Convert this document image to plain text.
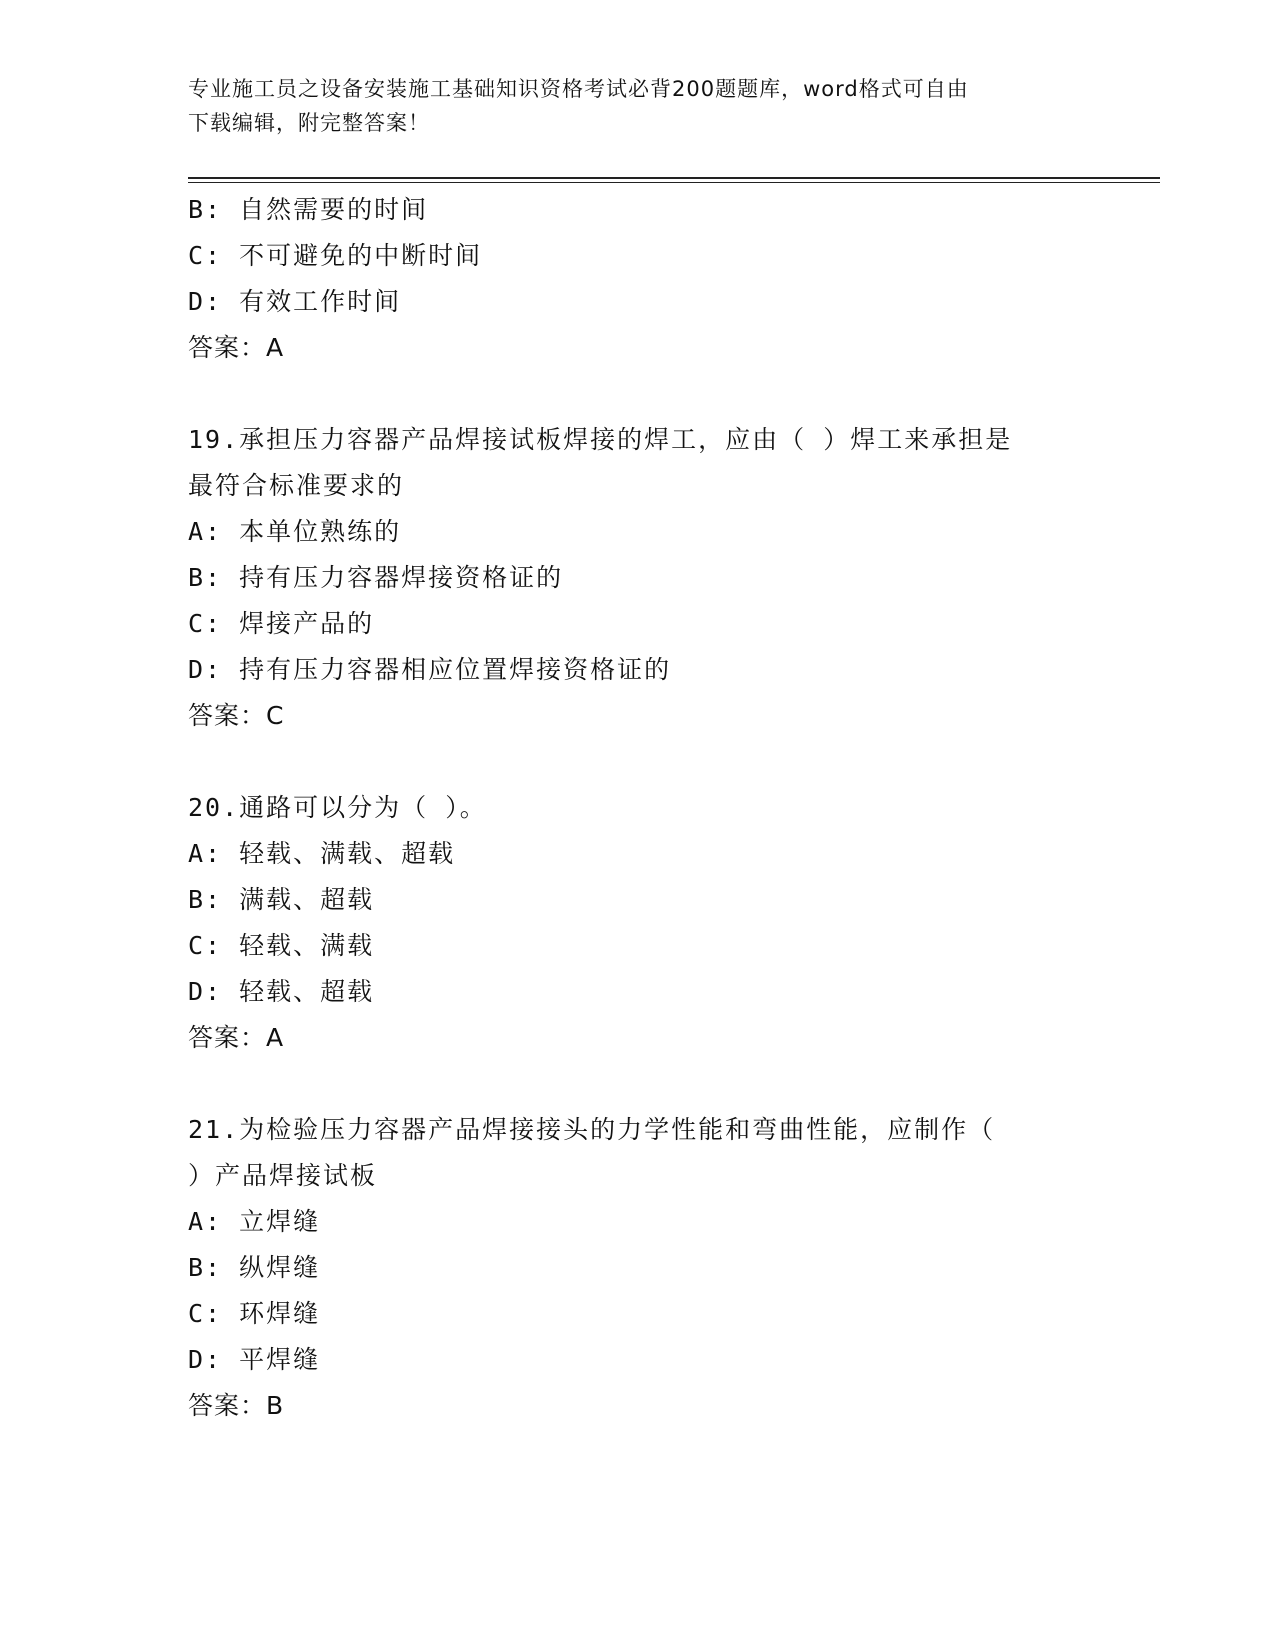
专业施工员之设备安装施工基础知识资格考试必背200题题库，word格式可自由
下载编辑，附完整答案！
B: 自然需要的时间
C: 不可避免的中断时间
D: 有效工作时间
答案：A
19.承担压力容器产品焊接试板焊接的焊工，应由（ ）焊工来承担是
最符合标准要求的
A: 本单位熟练的
B: 持有压力容器焊接资格证的
C: 焊接产品的
D: 持有压力容器相应位置焊接资格证的
答案：C
20.通路可以分为（ ）。
A: 轻载、满载、超载
B: 满载、超载
C: 轻载、满载
D: 轻载、超载
答案：A
21.为检验压力容器产品焊接接头的力学性能和弯曲性能，应制作（
）产品焊接试板
A: 立焊缝
B: 纵焊缝
C: 环焊缝
D: 平焊缝
答案：B
